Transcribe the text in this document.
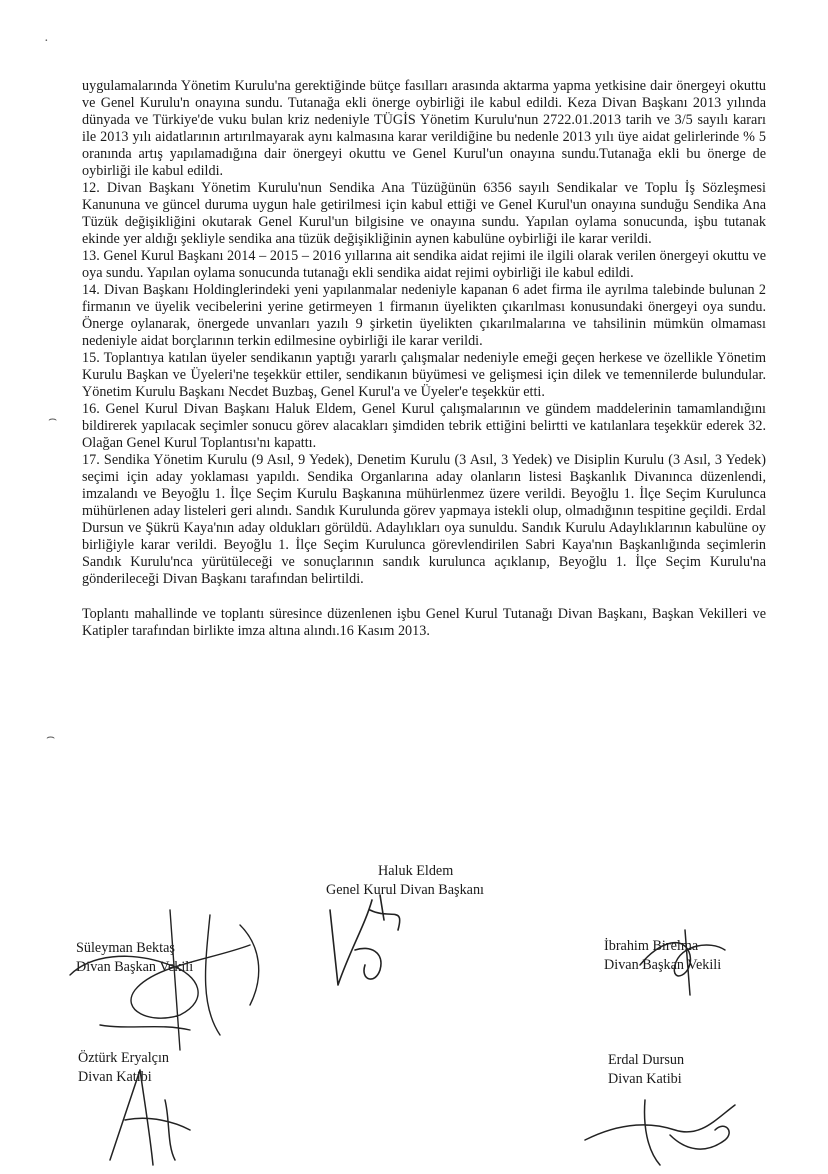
uygulamalarında Yönetim Kurulu'na gerektiğinde bütçe fasılları arasında aktarma yapma yetkisine dair önergeyi okuttu ve Genel Kurulu'n onayına sundu. Tutanağa ekli önerge oybirliği ile kabul edildi. Keza Divan Başkanı 2013 yılında dünyada ve Türkiye'de vuku bulan kriz nedeniyle TÜGİS Yönetim Kurulu'nun 2722.01.2013 tarih ve 3/5 sayılı kararı ile 2013 yılı aidatlarının artırılmayarak aynı kalmasına karar verildiğine bu nedenle 2013 yılı üye aidat gelirlerinde % 5 oranında artış yapılamadığına dair önergeyi okuttu ve Genel Kurul'un onayına sundu.Tutanağa ekli bu önerge de oybirliği ile kabul edildi.

12. Divan Başkanı Yönetim Kurulu'nun Sendika Ana Tüzüğünün 6356 sayılı Sendikalar ve Toplu İş Sözleşmesi Kanununa ve güncel duruma uygun hale getirilmesi için kabul ettiği ve Genel Kurul'un onayına sunduğu Sendika Ana Tüzük değişikliğini okutarak Genel Kurul'un bilgisine ve onayına sundu. Yapılan oylama sonucunda, işbu tutanak ekinde yer aldığı şekliyle sendika ana tüzük değişikliğinin aynen kabulüne oybirliği ile karar verildi.

13. Genel Kurul Başkanı 2014 – 2015 – 2016 yıllarına ait sendika aidat rejimi ile ilgili olarak verilen önergeyi okuttu ve oya sundu. Yapılan oylama sonucunda tutanağı ekli sendika aidat rejimi oybirliği ile kabul edildi.

14. Divan Başkanı Holdinglerindeki yeni yapılanmalar nedeniyle kapanan 6 adet firma ile ayrılma talebinde bulunan 2 firmanın ve üyelik vecibelerini yerine getirmeyen 1 firmanın üyelikten çıkarılması konusundaki önergeyi oya sundu. Önerge oylanarak, önergede unvanları yazılı 9 şirketin üyelikten çıkarılmalarına ve tahsilinin mümkün olmaması nedeniyle aidat borçlarının terkin edilmesine oybirliği ile karar verildi.

15. Toplantıya katılan üyeler sendikanın yaptığı yararlı çalışmalar nedeniyle emeği geçen herkese ve özellikle Yönetim Kurulu Başkan ve Üyeleri'ne teşekkür ettiler, sendikanın büyümesi ve gelişmesi için dilek ve temennilerde bulundular. Yönetim Kurulu Başkanı Necdet Buzbaş, Genel Kurul'a ve Üyeler'e teşekkür etti.

16. Genel Kurul Divan Başkanı Haluk Eldem, Genel Kurul çalışmalarının ve gündem maddelerinin tamamlandığını bildirerek yapılacak seçimler sonucu görev alacakları şimdiden tebrik ettiğini belirtti ve katılanlara teşekkür ederek 32. Olağan Genel Kurul Toplantısı'nı kapattı.

17. Sendika Yönetim Kurulu (9 Asıl, 9 Yedek), Denetim Kurulu (3 Asıl, 3 Yedek) ve Disiplin Kurulu (3 Asıl, 3 Yedek) seçimi için aday yoklaması yapıldı. Sendika Organlarına aday olanların listesi Başkanlık Divanınca düzenlendi, imzalandı ve Beyoğlu 1. İlçe Seçim Kurulu Başkanına mühürlenmez üzere verildi. Beyoğlu 1. İlçe Seçim Kurulunca mühürlenen aday listeleri geri alındı. Sandık Kurulunda görev yapmaya istekli olup, olmadığının tespitine geçildi. Erdal Dursun ve Şükrü Kaya'nın aday oldukları görüldü. Adaylıkları oya sunuldu. Sandık Kurulu Adaylıklarının kabulüne oy birliğiyle karar verildi. Beyoğlu 1. İlçe Seçim Kurulunca görevlendirilen Sabri Kaya'nın Başkanlığında seçimlerin Sandık Kurulu'nca yürütüleceği ve sonuçlarının sandık kurulunca açıklanıp, Beyoğlu 1. İlçe Seçim Kurulu'na gönderileceği Divan Başkanı tarafından belirtildi.

Toplantı mahallinde ve toplantı süresince düzenlenen işbu Genel Kurul Tutanağı Divan Başkanı, Başkan Vekilleri ve Katipler tarafından birlikte imza altına alındı.16 Kasım 2013.

Haluk Eldem
Genel Kurul Divan Başkanı
Süleyman Bektaş
Divan Başkan Vekili
İbrahim Birelma
Divan Başkan Vekili
Öztürk Eryalçın
Divan Katibi
Erdal Dursun
Divan Katibi
·
⌢
⌢
